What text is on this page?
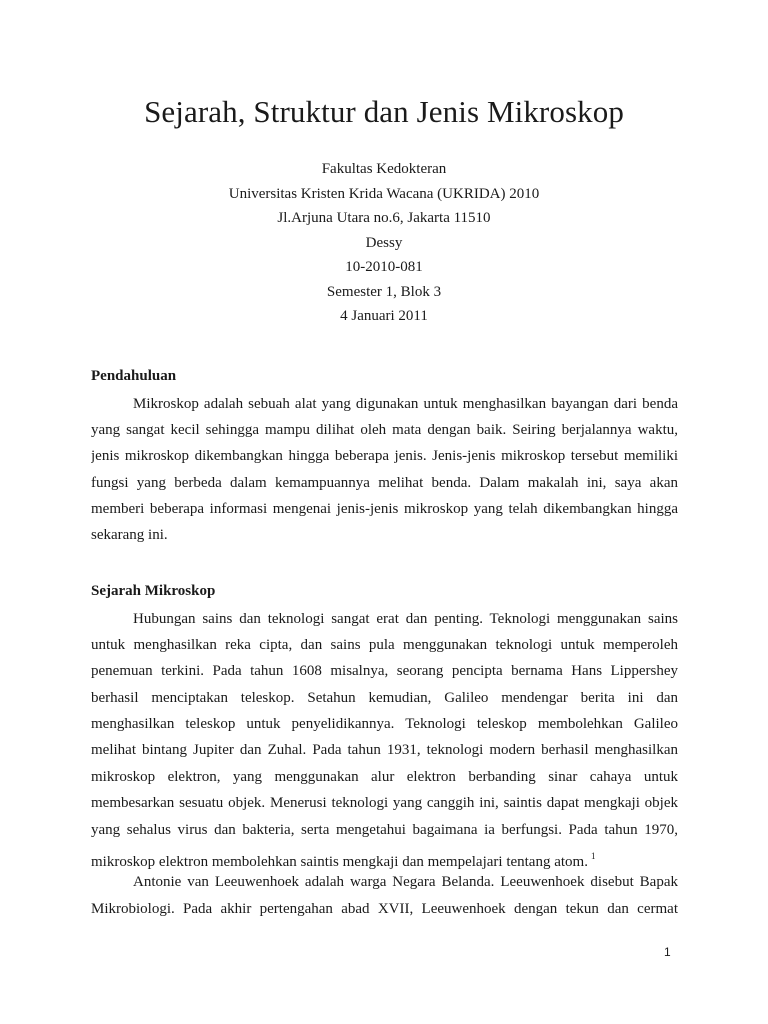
Sejarah, Struktur dan Jenis Mikroskop
Fakultas Kedokteran
Universitas Kristen Krida Wacana (UKRIDA) 2010
Jl.Arjuna Utara no.6, Jakarta 11510
Dessy
10-2010-081
Semester 1, Blok 3
4 Januari 2011
Pendahuluan
Mikroskop adalah sebuah alat yang digunakan untuk menghasilkan bayangan dari benda
yang sangat kecil sehingga mampu dilihat oleh mata dengan baik. Seiring berjalannya waktu,
jenis mikroskop dikembangkan hingga beberapa jenis. Jenis-jenis mikroskop tersebut memiliki
fungsi yang berbeda dalam kemampuannya melihat benda. Dalam makalah ini, saya akan
memberi beberapa informasi mengenai jenis-jenis mikroskop yang telah dikembangkan hingga
sekarang ini.
Sejarah Mikroskop
Hubungan sains dan teknologi sangat erat dan penting. Teknologi menggunakan sains
untuk menghasilkan reka cipta, dan sains pula menggunakan teknologi untuk memperoleh
penemuan terkini. Pada tahun 1608 misalnya, seorang pencipta bernama Hans Lippershey
berhasil menciptakan teleskop. Setahun kemudian, Galileo mendengar berita ini dan
menghasilkan teleskop untuk penyelidikannya. Teknologi teleskop membolehkan Galileo
melihat bintang Jupiter dan Zuhal. Pada tahun 1931, teknologi modern berhasil menghasilkan
mikroskop elektron, yang menggunakan alur elektron berbanding sinar cahaya untuk
membesarkan sesuatu objek. Menerusi teknologi yang canggih ini, saintis dapat mengkaji objek
yang sehalus virus dan bakteria, serta mengetahui bagaimana ia berfungsi. Pada tahun 1970,
mikroskop elektron membolehkan saintis mengkaji dan mempelajari tentang atom. $^1$
Antonie van Leeuwenhoek adalah warga Negara Belanda. Leeuwenhoek disebut Bapak
Mikrobiologi. Pada akhir pertengahan abad XVII, Leeuwenhoek dengan tekun dan cermat
1
